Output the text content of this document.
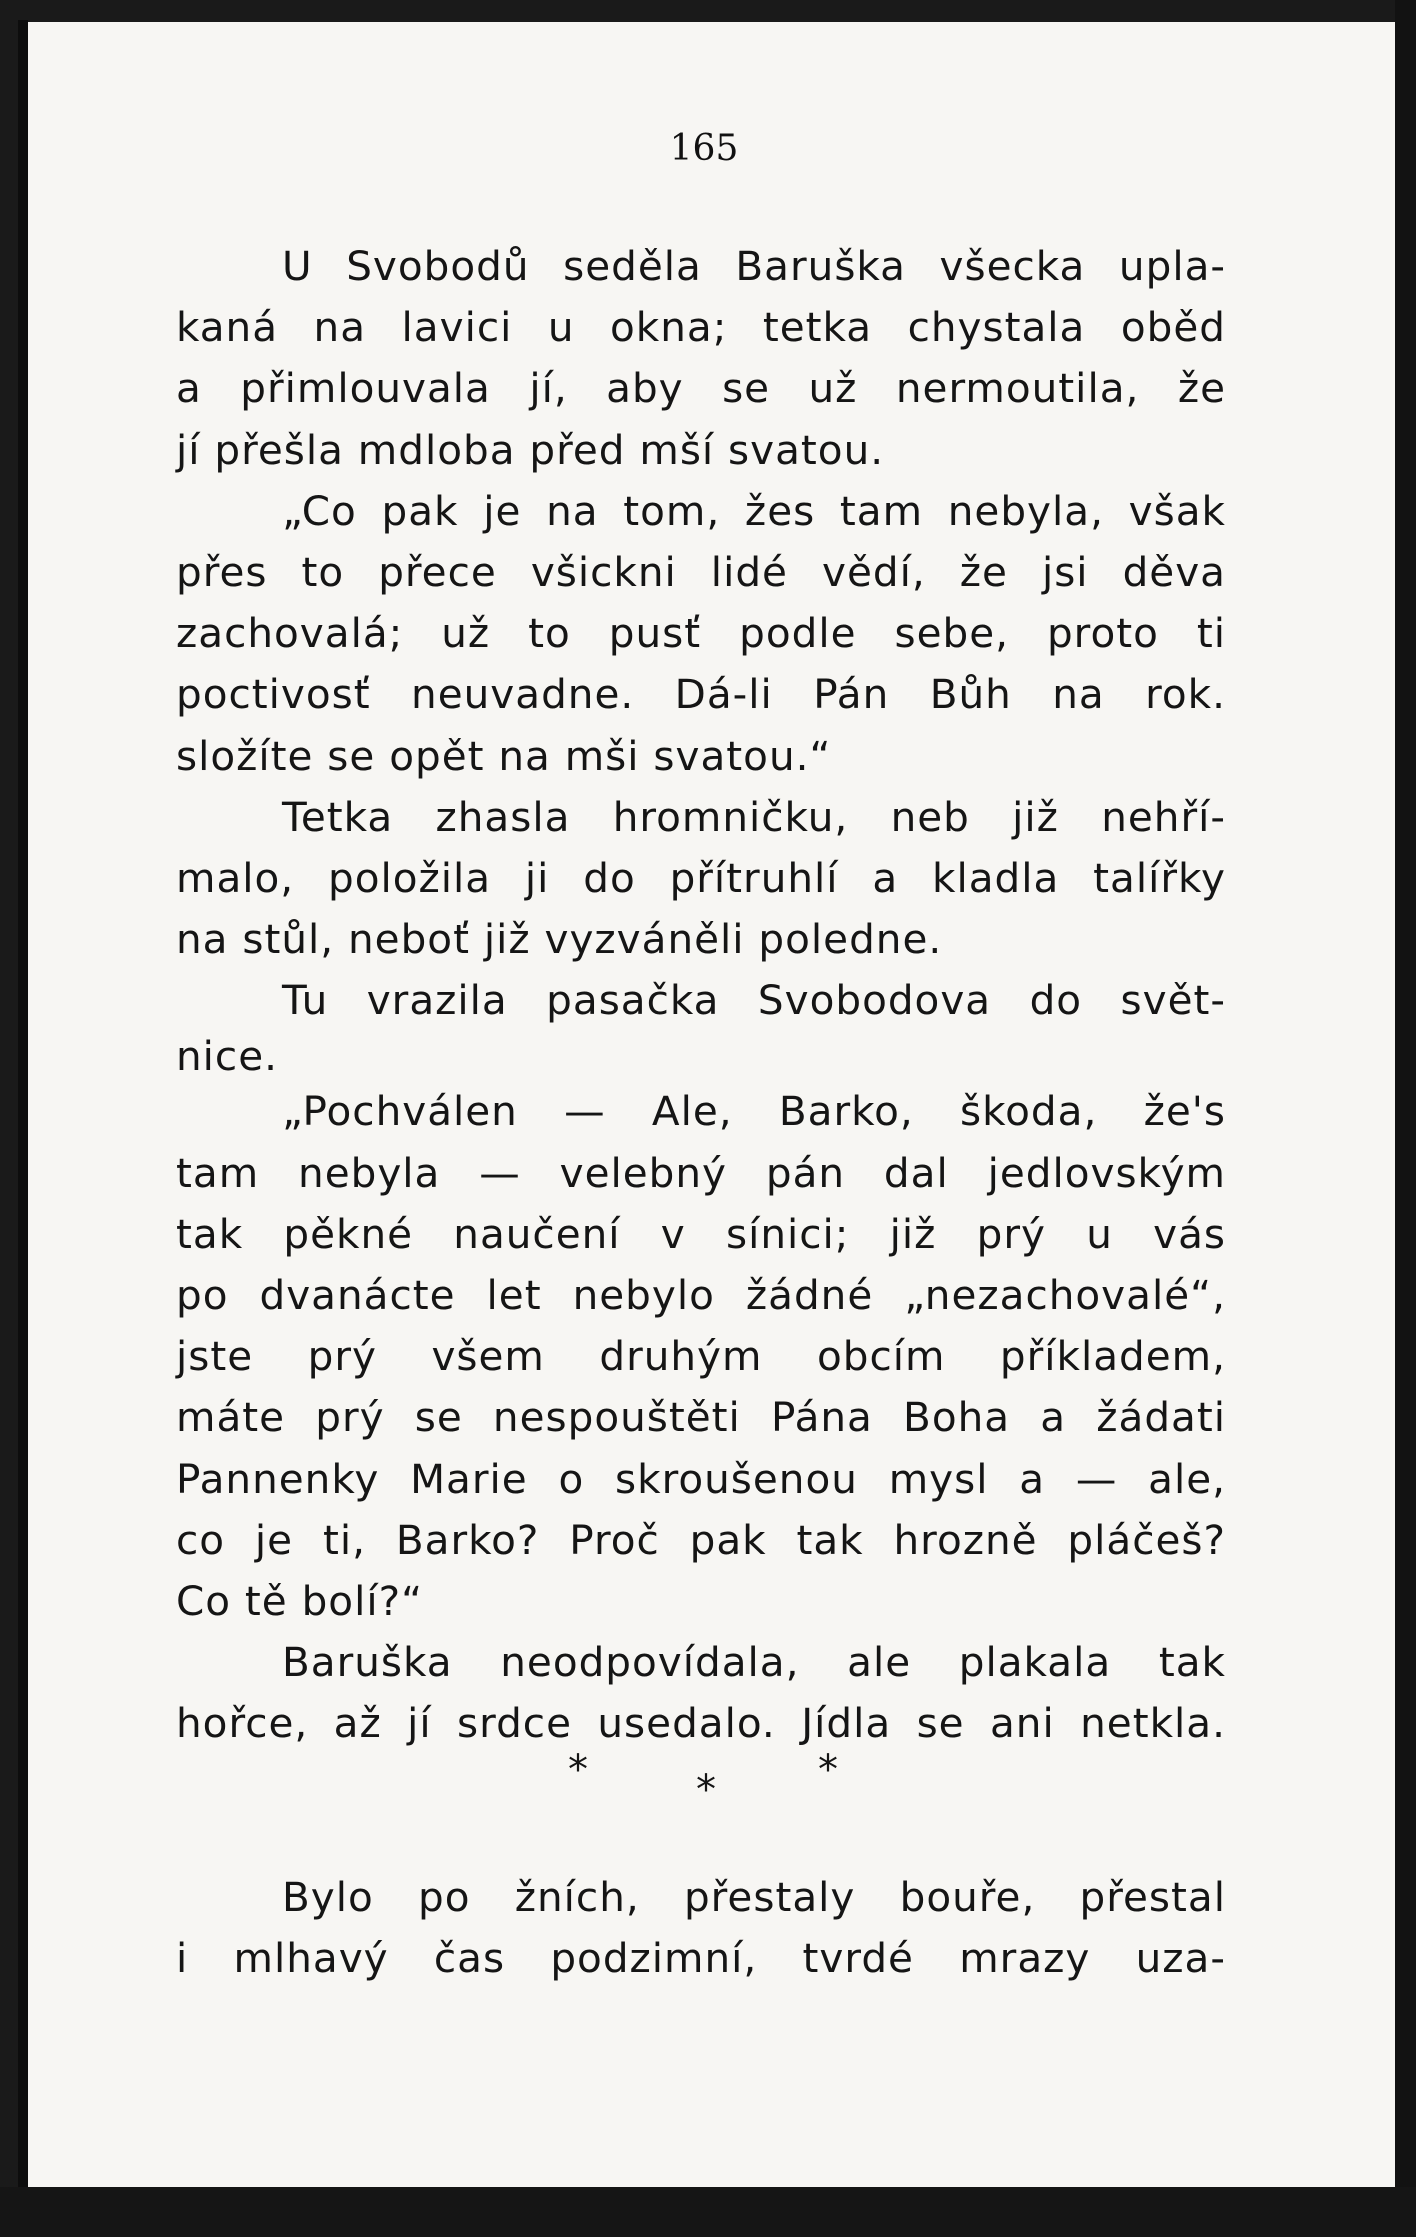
165
U Svobodů seděla Baruška všecka upla-
kaná na lavici u okna; tetka chystala oběd
a přimlouvala jí, aby se už nermoutila, že
jí přešla mdloba před mší svatou.
„Co pak je na tom, žes tam nebyla, však
přes to přece všickni lidé vědí, že jsi děva
zachovalá; už to pusť podle sebe, proto ti
poctivosť neuvadne. Dá-li Pán Bůh na rok.
složíte se opět na mši svatou.“
Tetka zhasla hromničku, neb již nehří-
malo, položila ji do přítruhlí a kladla talířky
na stůl, neboť již vyzváněli poledne.
Tu vrazila pasačka Svobodova do svět-
nice.
„Pochválen — Ale, Barko, škoda, že's
tam nebyla — velebný pán dal jedlovským
tak pěkné naučení v sínici; již prý u vás
po dvanácte let nebylo žádné „nezachovalé“,
jste prý všem druhým obcím příkladem,
máte prý se nespouštěti Pána Boha a žádati
Pannenky Marie o skroušenou mysl a — ale,
co je ti, Barko? Proč pak tak hrozně pláčeš?
Co tě bolí?“
Baruška neodpovídala, ale plakala tak
hořce, až jí srdce usedalo. Jídla se ani netkla.
*	*	*
Bylo po žních, přestaly bouře, přestal
i mlhavý čas podzimní, tvrdé mrazy uza-
